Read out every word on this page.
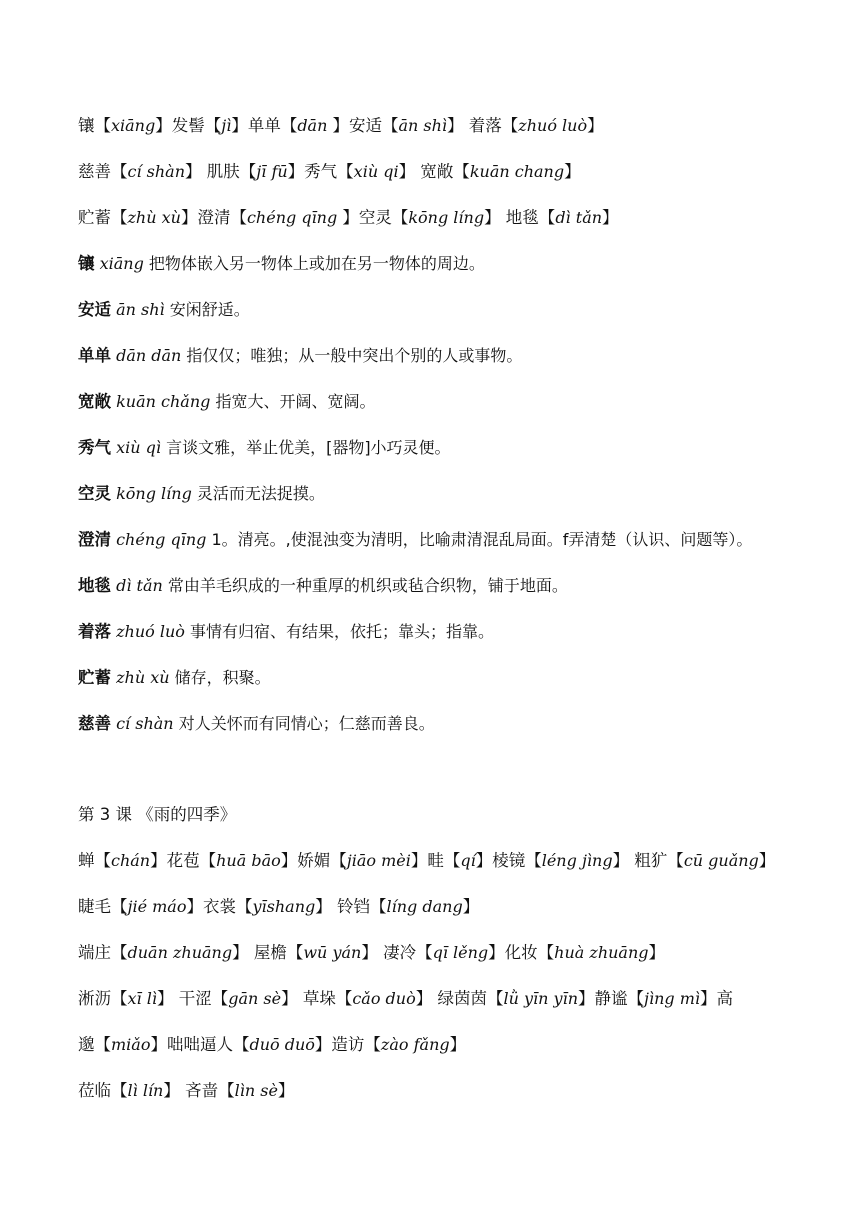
镶【xiāng】发髻【jì】单单【dān 】安适【ān shì】 着落【zhuó luò】
慈善【cí shàn】 肌肤【jī fū】秀气【xiù qi】 宽敞【kuān chang】
贮蓄【zhù xù】澄清【chéng qīng 】空灵【kōng líng】 地毯【dì tǎn】
镶 xiāng 把物体嵌入另一物体上或加在另一物体的周边。
安适 ān shì 安闲舒适。
单单 dān dān 指仅仅；唯独；从一般中突出个别的人或事物。
宽敞 kuān chǎng 指宽大、开阔、宽阔。
秀气 xiù qì 言谈文雅，举止优美，[器物]小巧灵便。
空灵 kōng líng 灵活而无法捉摸。
澄清 chéng qīng 1。清亮。,使混浊变为清明，比喻肃清混乱局面。f弄清楚（认识、问题等）。
地毯 dì tǎn 常由羊毛织成的一种重厚的机织或毡合织物，铺于地面。
着落 zhuó luò 事情有归宿、有结果，依托；靠头；指靠。
贮蓄 zhù xù 储存，积聚。
慈善 cí shàn 对人关怀而有同情心；仁慈而善良。
第 3 课 《雨的四季》
蝉【chán】花苞【huā bāo】娇媚【jiāo mèi】畦【qí】棱镜【léng jìng】 粗犷【cū guǎng】
睫毛【jié máo】衣裳【yīshang】 铃铛【líng dang】
端庄【duān zhuāng】 屋檐【wū yán】 凄冷【qī lěng】化妆【huà zhuāng】
淅沥【xī lì】 干涩【gān sè】 草垛【cǎo duò】 绿茵茵【lǜ yīn yīn】静谧【jìng mì】高
邈【miǎo】咄咄逼人【duō duō】造访【zào fǎng】
莅临【lì lín】 吝啬【lìn sè】
